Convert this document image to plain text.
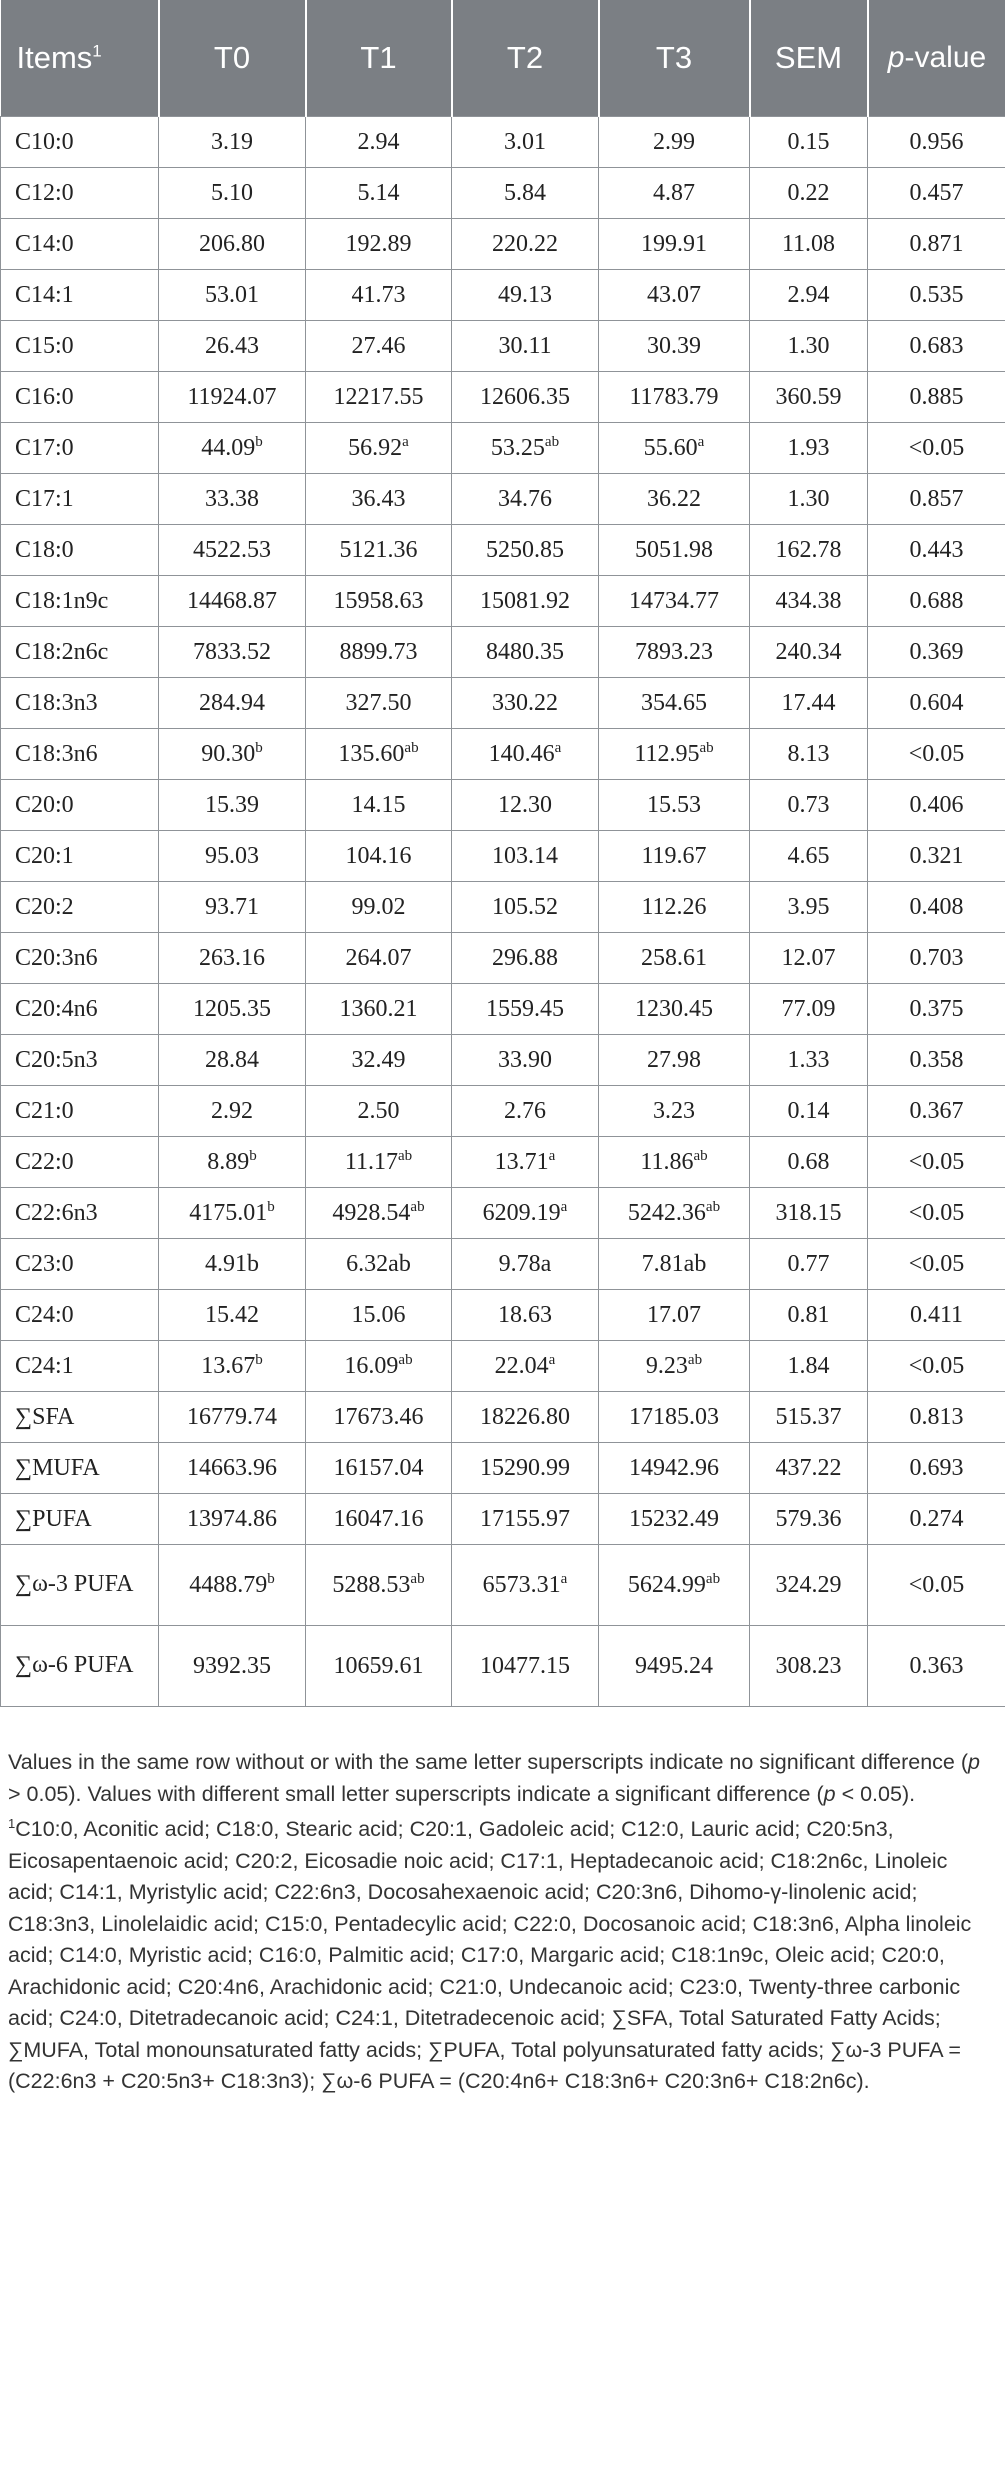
Items$^1$	T0	T1	T2	T3	SEM	p-value
C10:0	3.19	2.94	3.01	2.99	0.15	0.956
C12:0	5.10	5.14	5.84	4.87	0.22	0.457
C14:0	206.80	192.89	220.22	199.91	11.08	0.871
C14:1	53.01	41.73	49.13	43.07	2.94	0.535
C15:0	26.43	27.46	30.11	30.39	1.30	0.683
C16:0	11924.07	12217.55	12606.35	11783.79	360.59	0.885
C17:0	44.09$^b$	56.92$^a$	53.25$^{ab}$	55.60$^a$	1.93	<0.05
C17:1	33.38	36.43	34.76	36.22	1.30	0.857
C18:0	4522.53	5121.36	5250.85	5051.98	162.78	0.443
C18:1n9c	14468.87	15958.63	15081.92	14734.77	434.38	0.688
C18:2n6c	7833.52	8899.73	8480.35	7893.23	240.34	0.369
C18:3n3	284.94	327.50	330.22	354.65	17.44	0.604
C18:3n6	90.30$^b$	135.60$^{ab}$	140.46$^a$	112.95$^{ab}$	8.13	<0.05
C20:0	15.39	14.15	12.30	15.53	0.73	0.406
C20:1	95.03	104.16	103.14	119.67	4.65	0.321
C20:2	93.71	99.02	105.52	112.26	3.95	0.408
C20:3n6	263.16	264.07	296.88	258.61	12.07	0.703
C20:4n6	1205.35	1360.21	1559.45	1230.45	77.09	0.375
C20:5n3	28.84	32.49	33.90	27.98	1.33	0.358
C21:0	2.92	2.50	2.76	3.23	0.14	0.367
C22:0	8.89$^b$	11.17$^{ab}$	13.71$^a$	11.86$^{ab}$	0.68	<0.05
C22:6n3	4175.01$^b$	4928.54$^{ab}$	6209.19$^a$	5242.36$^{ab}$	318.15	<0.05
C23:0	4.91b	6.32ab	9.78a	7.81ab	0.77	<0.05
C24:0	15.42	15.06	18.63	17.07	0.81	0.411
C24:1	13.67$^b$	16.09$^{ab}$	22.04$^a$	9.23$^{ab}$	1.84	<0.05
∑SFA	16779.74	17673.46	18226.80	17185.03	515.37	0.813
∑MUFA	14663.96	16157.04	15290.99	14942.96	437.22	0.693
∑PUFA	13974.86	16047.16	17155.97	15232.49	579.36	0.274
∑ω-3 PUFA	4488.79$^b$	5288.53$^{ab}$	6573.31$^a$	5624.99$^{ab}$	324.29	<0.05
∑ω-6 PUFA	9392.35	10659.61	10477.15	9495.24	308.23	0.363

Values in the same row without or with the same letter superscripts indicate no significant difference (p > 0.05). Values with different small letter superscripts indicate a significant difference (p < 0.05).

$^1$C10:0, Aconitic acid; C18:0, Stearic acid; C20:1, Gadoleic acid; C12:0, Lauric acid; C20:5n3, Eicosapentaenoic acid; C20:2, Eicosadie noic acid; C17:1, Heptadecanoic acid; C18:2n6c, Linoleic acid; C14:1, Myristylic acid; C22:6n3, Docosahexaenoic acid; C20:3n6, Dihomo-γ-linolenic acid; C18:3n3, Linolelaidic acid; C15:0, Pentadecylic acid; C22:0, Docosanoic acid; C18:3n6, Alpha linoleic acid; C14:0, Myristic acid; C16:0, Palmitic acid; C17:0, Margaric acid; C18:1n9c, Oleic acid; C20:0, Arachidonic acid; C20:4n6, Arachidonic acid; C21:0, Undecanoic acid; C23:0, Twenty-three carbonic acid; C24:0, Ditetradecanoic acid; C24:1, Ditetradecenoic acid; ∑SFA, Total Saturated Fatty Acids; ∑MUFA, Total monounsaturated fatty acids; ∑PUFA, Total polyunsaturated fatty acids; ∑ω-3 PUFA = (C22:6n3 + C20:5n3+ C18:3n3); ∑ω-6 PUFA = (C20:4n6+ C18:3n6+ C20:3n6+ C18:2n6c).
